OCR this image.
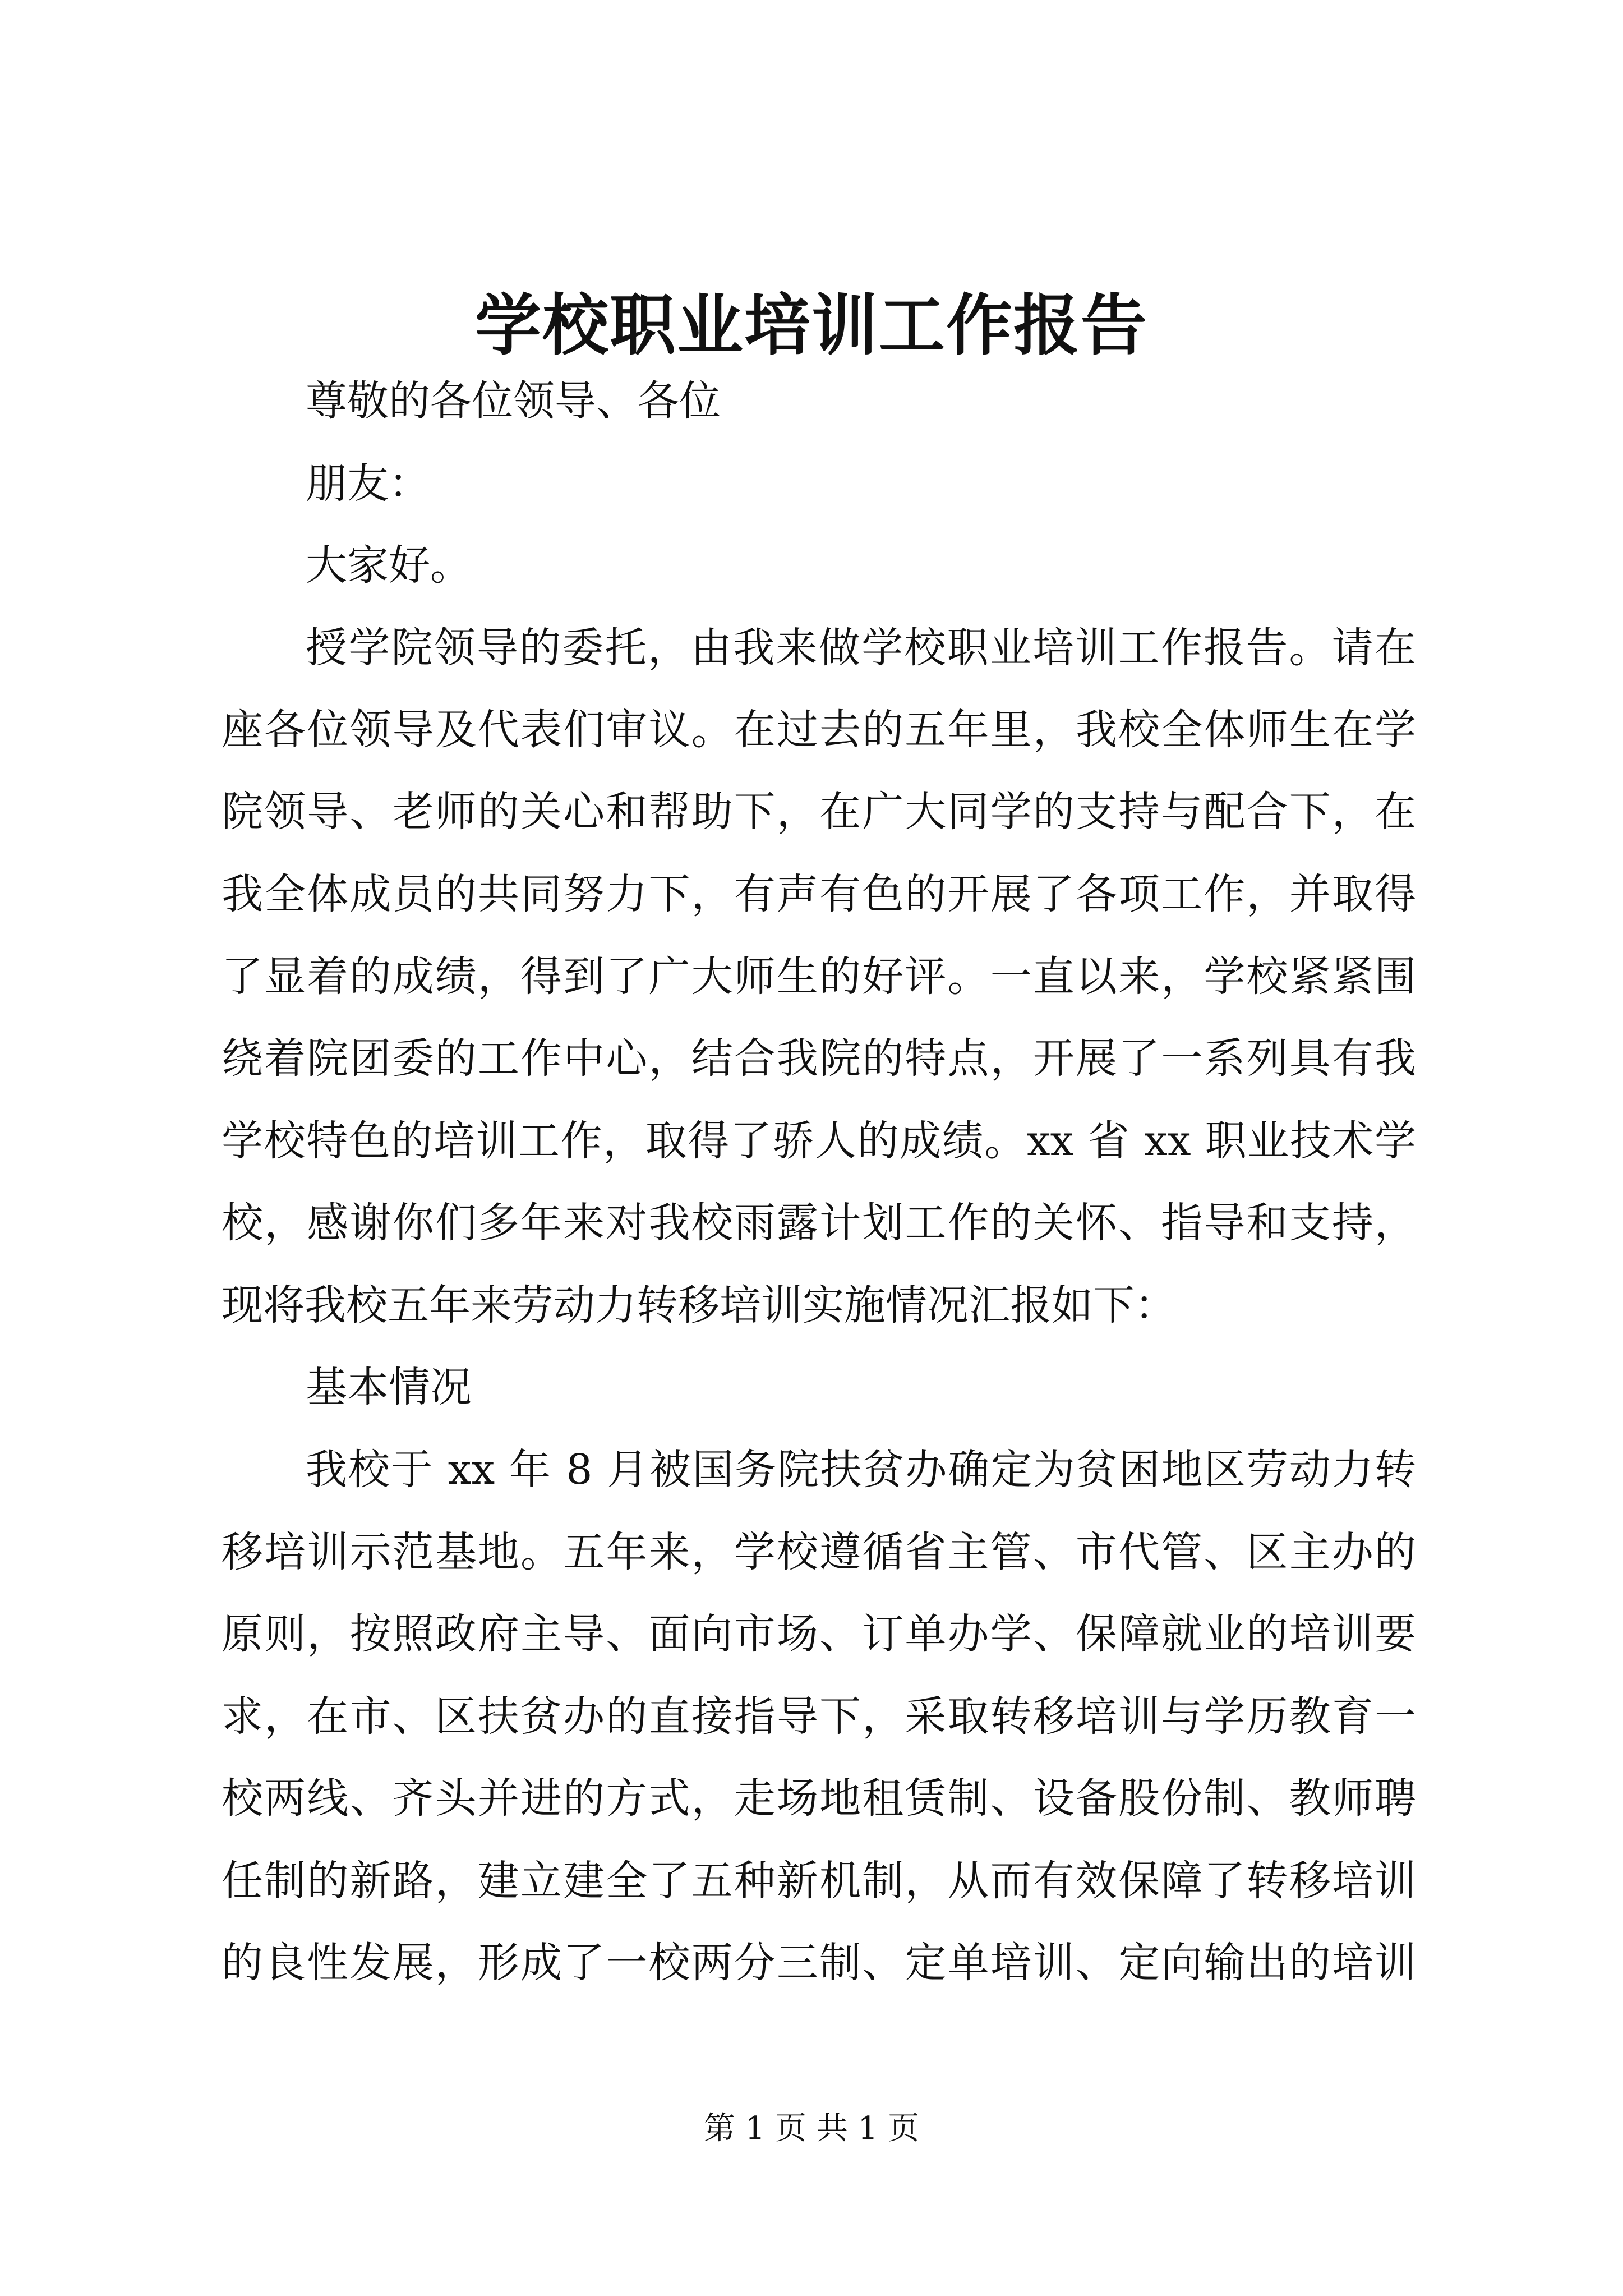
学校职业培训工作报告
尊敬的各位领导、各位
朋友：
大家好。
授学院领导的委托，由我来做学校职业培训工作报告。请在
座各位领导及代表们审议。在过去的五年里，我校全体师生在学
院领导、老师的关心和帮助下，在广大同学的支持与配合下，在
我全体成员的共同努力下，有声有色的开展了各项工作，并取得
了显着的成绩，得到了广大师生的好评。一直以来，学校紧紧围
绕着院团委的工作中心，结合我院的特点，开展了一系列具有我
学校特色的培训工作，取得了骄人的成绩。xx 省 xx 职业技术学
校，感谢你们多年来对我校雨露计划工作的关怀、指导和支持，
现将我校五年来劳动力转移培训实施情况汇报如下：
基本情况
我校于 xx 年 8 月被国务院扶贫办确定为贫困地区劳动力转
移培训示范基地。五年来，学校遵循省主管、市代管、区主办的
原则，按照政府主导、面向市场、订单办学、保障就业的培训要
求，在市、区扶贫办的直接指导下，采取转移培训与学历教育一
校两线、齐头并进的方式，走场地租赁制、设备股份制、教师聘
任制的新路，建立建全了五种新机制，从而有效保障了转移培训
的良性发展，形成了一校两分三制、定单培训、定向输出的培训
第 1 页 共 1 页
